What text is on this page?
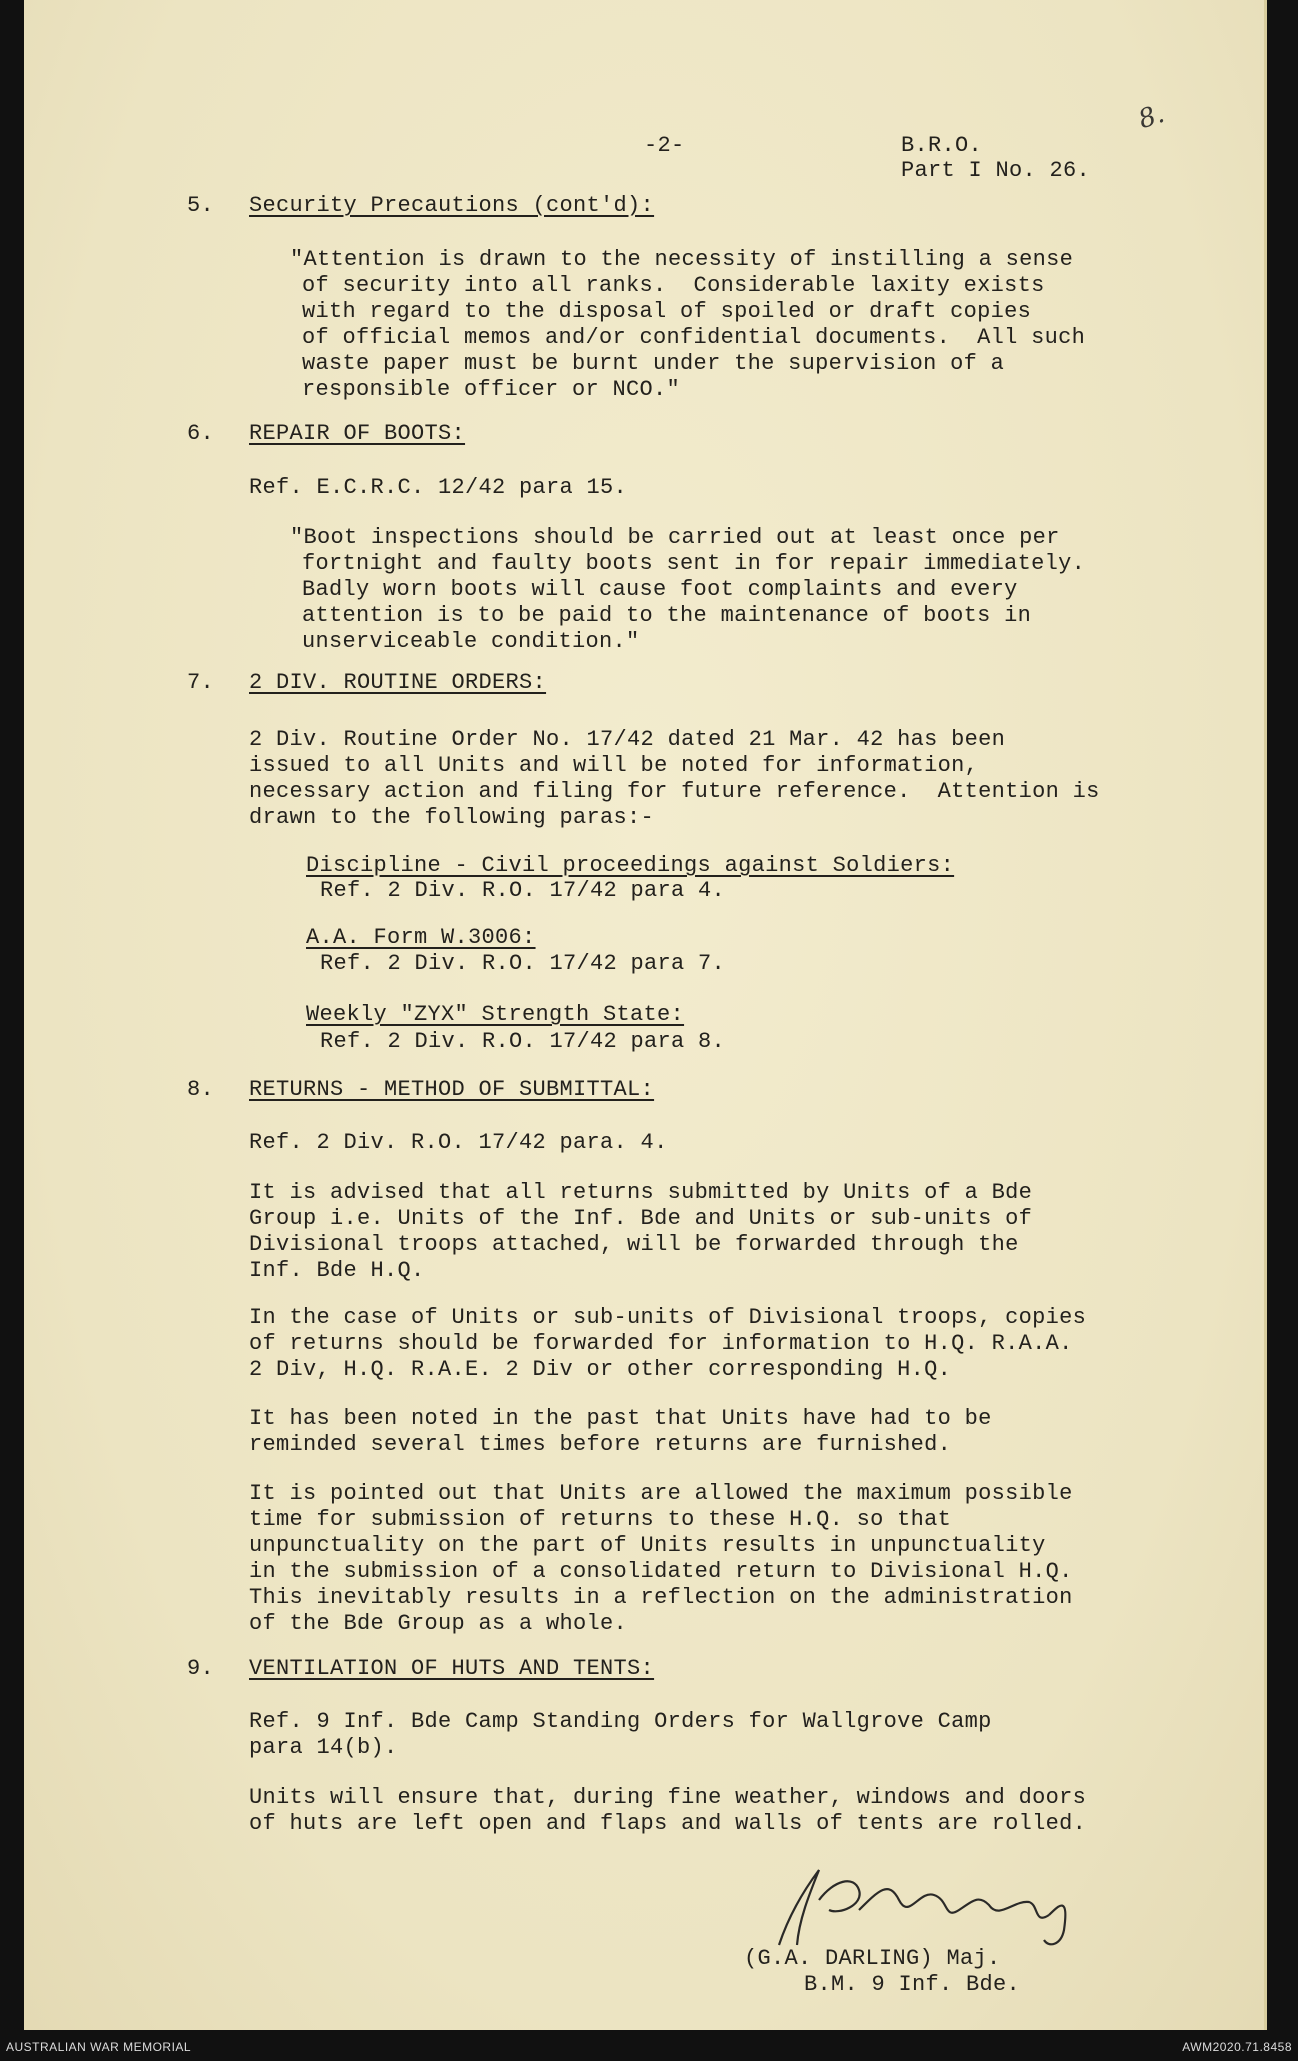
-2-	B.R.O.
Part I No. 26.
8.
5. Security Precautions (cont'd):
"Attention is drawn to the necessity of instilling a sense
of security into all ranks.  Considerable laxity exists
with regard to the disposal of spoiled or draft copies
of official memos and/or confidential documents.  All such
waste paper must be burnt under the supervision of a
responsible officer or NCO."
6. REPAIR OF BOOTS:
Ref. E.C.R.C. 12/42 para 15.
"Boot inspections should be carried out at least once per
fortnight and faulty boots sent in for repair immediately.
Badly worn boots will cause foot complaints and every
attention is to be paid to the maintenance of boots in
unserviceable condition."
7. 2 DIV. ROUTINE ORDERS:
2 Div. Routine Order No. 17/42 dated 21 Mar. 42 has been
issued to all Units and will be noted for information,
necessary action and filing for future reference.  Attention is
drawn to the following paras:-
Discipline - Civil proceedings against Soldiers:
Ref. 2 Div. R.O. 17/42 para 4.
A.A. Form W.3006:
Ref. 2 Div. R.O. 17/42 para 7.
Weekly "ZYX" Strength State:
Ref. 2 Div. R.O. 17/42 para 8.
8. RETURNS - METHOD OF SUBMITTAL:
Ref. 2 Div. R.O. 17/42 para. 4.
It is advised that all returns submitted by Units of a Bde
Group i.e. Units of the Inf. Bde and Units or sub-units of
Divisional troops attached, will be forwarded through the
Inf. Bde H.Q.
In the case of Units or sub-units of Divisional troops, copies
of returns should be forwarded for information to H.Q. R.A.A.
2 Div, H.Q. R.A.E. 2 Div or other corresponding H.Q.
It has been noted in the past that Units have had to be
reminded several times before returns are furnished.
It is pointed out that Units are allowed the maximum possible
time for submission of returns to these H.Q. so that
unpunctuality on the part of Units results in unpunctuality
in the submission of a consolidated return to Divisional H.Q.
This inevitably results in a reflection on the administration
of the Bde Group as a whole.
9. VENTILATION OF HUTS AND TENTS:
Ref. 9 Inf. Bde Camp Standing Orders for Wallgrove Camp
para 14(b).
Units will ensure that, during fine weather, windows and doors
of huts are left open and flaps and walls of tents are rolled.
(G.A. DARLING) Maj.
B.M. 9 Inf. Bde.
AUSTRALIAN WAR MEMORIAL	AWM2020.71.8458
